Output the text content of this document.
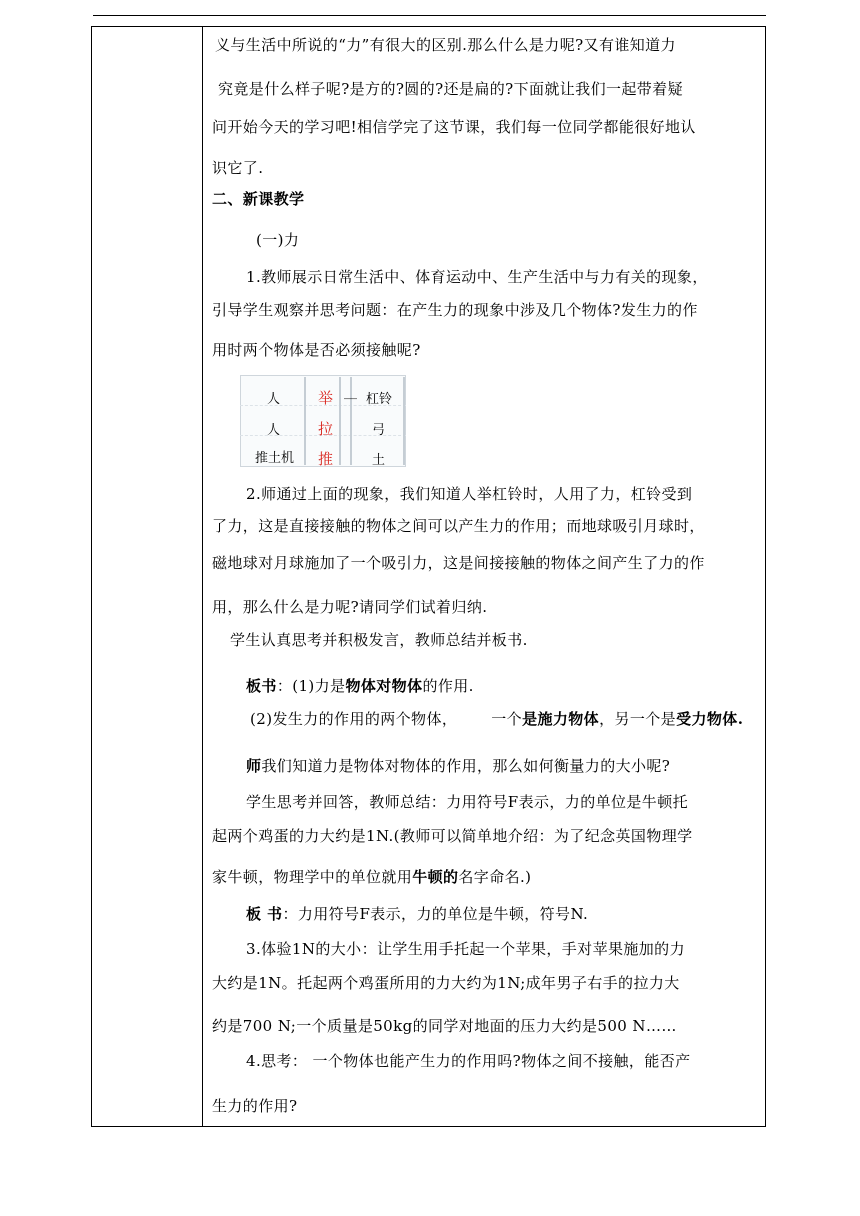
义与生活中所说的“力”有很大的区别.那么什么是力呢?又有谁知道力
究竟是什么样子呢?是方的?圆的?还是扁的?下面就让我们一起带着疑
问开始今天的学习吧!相信学完了这节课，我们每一位同学都能很好地认
识它了.
二、新课教学
(一)力
1.教师展示日常生活中、体育运动中、生产生活中与力有关的现象，
引导学生观察并思考问题：在产生力的现象中涉及几个物体?发生力的作
用时两个物体是否必须接触呢?
人
人
推土机
举
拉
推
__ 杠铃
弓
土
2.师通过上面的现象，我们知道人举杠铃时，人用了力，杠铃受到
了力，这是直接接触的物体之间可以产生力的作用；而地球吸引月球时，
磁地球对月球施加了一个吸引力，这是间接接触的物体之间产生了力的作
用，那么什么是力呢?请同学们试着归纳.
学生认真思考并积极发言，教师总结并板书.
板书：(1)力是物体对物体的作用.
(2)发生力的作用的两个物体， 一个是施力物体，另一个是受力物体.
师我们知道力是物体对物体的作用，那么如何衡量力的大小呢?
学生思考并回答，教师总结：力用符号F表示，力的单位是牛顿托
起两个鸡蛋的力大约是1N.(教师可以简单地介绍：为了纪念英国物理学
家牛顿，物理学中的单位就用牛顿的名字命名.)
板 书：力用符号F表示，力的单位是牛顿，符号N.
3.体验1N的大小：让学生用手托起一个苹果，手对苹果施加的力
大约是1N。托起两个鸡蛋所用的力大约为1N;成年男子右手的拉力大
约是700 N;一个质量是50kg的同学对地面的压力大约是500 N……
4.思考： 一个物体也能产生力的作用吗?物体之间不接触，能否产
生力的作用?
